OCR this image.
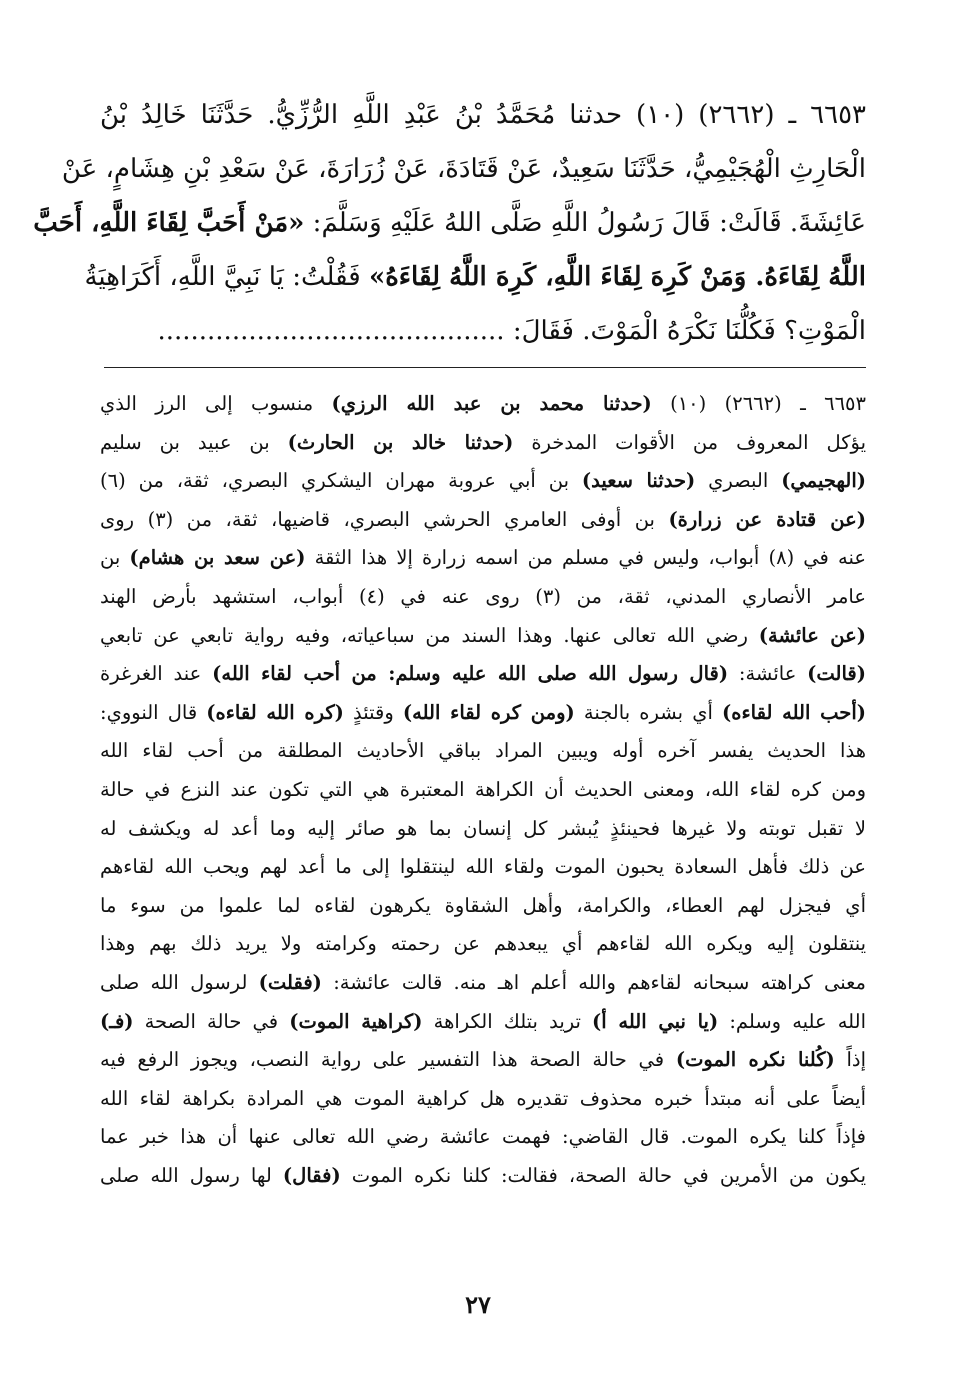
٦٦٥٣ ـ (٢٦٦٢) (١٠) حدثنا مُحَمَّدُ بْنُ عَبْدِ اللَّهِ الرُّزِّيُّ. حَدَّثَنَا خَالِدُ بْنُ
الْحَارِثِ الْهُجَيْمِيُّ، حَدَّثَنَا سَعِيدٌ، عَنْ قَتَادَةَ، عَنْ زُرَارَةَ، عَنْ سَعْدِ بْنِ هِشَامٍ، عَنْ
عَائِشَةَ. قَالَتْ: قَالَ رَسُولُ اللَّهِ صَلَّى اللهُ عَلَيْهِ وَسَلَّمَ: «مَنْ أَحَبَّ لِقَاءَ اللَّهِ، أَحَبَّ
اللَّهُ لِقَاءَهُ. وَمَنْ كَرِهَ لِقَاءَ اللَّهِ، كَرِهَ اللَّهُ لِقَاءَهُ» فَقُلْتُ: يَا نَبِيَّ اللَّهِ، أَكَرَاهِيَةُ
الْمَوْتِ؟ فَكُلُّنَا نَكْرَهُ الْمَوْتَ. فَقَالَ: ..........................................
٦٦٥٣ ـ (٢٦٦٢) (١٠) (حدثنا محمد بن عبد الله الرزي) منسوب إلى الرز الذي
يؤكل المعروف من الأقوات المدخرة (حدثنا خالد بن الحارث) بن عبيد بن سليم
(الهجيمي) البصري (حدثنا سعيد) بن أبي عروبة مهران اليشكري البصري، ثقة، من (٦)
(عن قتادة عن زرارة) بن أوفى العامري الحرشي البصري، قاضيها، ثقة، من (٣) روى
عنه في (٨) أبواب، وليس في مسلم من اسمه زرارة إلا هذا الثقة (عن سعد بن هشام) بن
عامر الأنصاري المدني، ثقة، من (٣) روى عنه في (٤) أبواب، استشهد بأرض الهند
(عن عائشة) رضي الله تعالى عنها. وهذا السند من سباعياته، وفيه رواية تابعي عن تابعي
(قالت) عائشة: (قال رسول الله صلى الله عليه وسلم: من أحب لقاء الله) عند الغرغرة
(أحب الله لقاءه) أي بشره بالجنة (ومن كره لقاء الله) وقتئذٍ (كره الله لقاءه) قال النووي:
هذا الحديث يفسر آخره أوله ويبين المراد بباقي الأحاديث المطلقة من أحب لقاء الله
ومن كره لقاء الله، ومعنى الحديث أن الكراهة المعتبرة هي التي تكون عند النزع في حالة
لا تقبل توبته ولا غيرها فحينئذٍ يُبشر كل إنسان بما هو صائر إليه وما أعد له ويكشف له
عن ذلك فأهل السعادة يحبون الموت ولقاء الله لينتقلوا إلى ما أعد لهم ويحب الله لقاءهم
أي فيجزل لهم العطاء، والكرامة، وأهل الشقاوة يكرهون لقاءه لما علموا من سوء ما
ينتقلون إليه ويكره الله لقاءهم أي يبعدهم عن رحمته وكرامته ولا يريد ذلك بهم وهذا
معنى كراهته سبحانه لقاءهم والله أعلم اهـ منه. قالت عائشة: (فقلت) لرسول الله صلى
الله عليه وسلم: (يا نبي الله أ) تريد بتلك الكراهة (كراهية الموت) في حالة الصحة (فـ)
إذاً (كُلنا نكره الموت) في حالة الصحة هذا التفسير على رواية النصب، ويجوز الرفع فيه
أيضاً على أنه مبتدأ خبره محذوف تقديره هل كراهية الموت هي المرادة بكراهة لقاء الله
فإذاً كلنا يكره الموت. قال القاضي: فهمت عائشة رضي الله تعالى عنها أن هذا خبر عما
يكون من الأمرين في حالة الصحة، فقالت: كلنا نكره الموت (فقال) لها رسول الله صلى
٢٧
